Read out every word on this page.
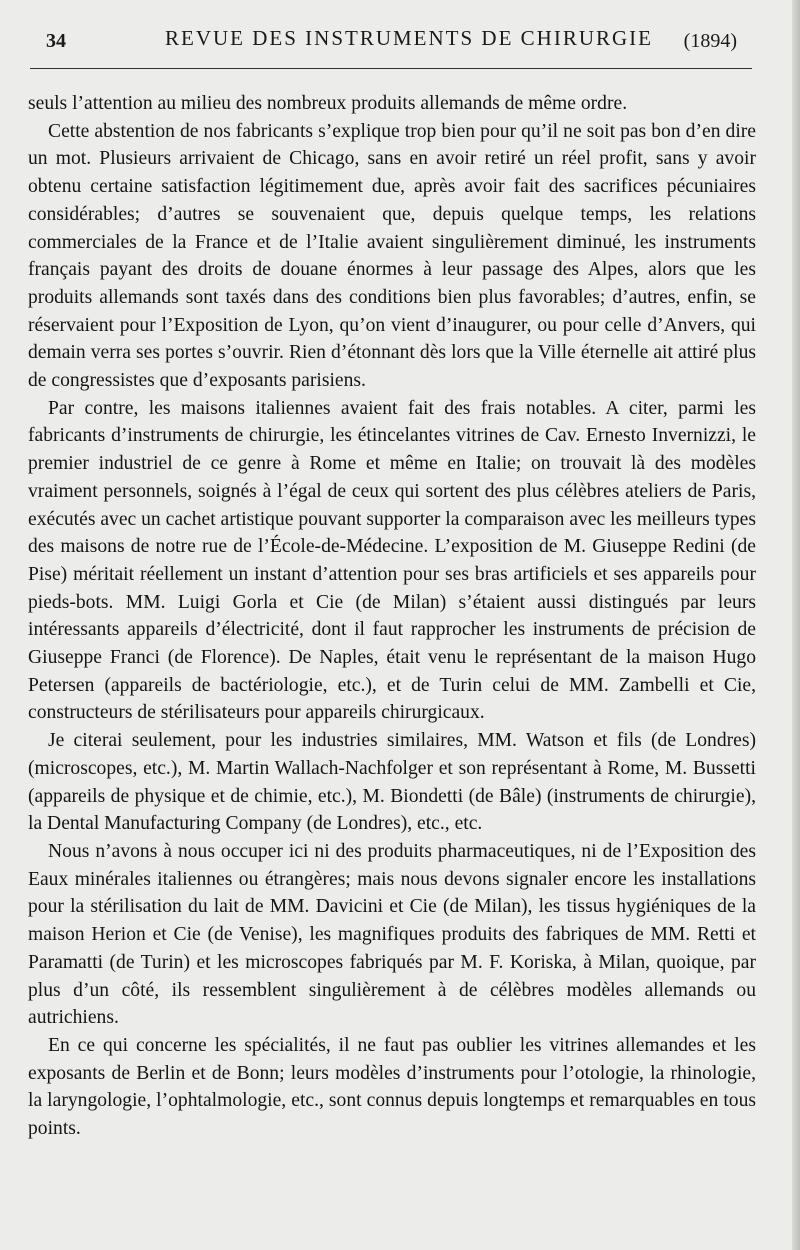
34	REVUE DES INSTRUMENTS DE CHIRURGIE (1894)

seuls l’attention au milieu des nombreux produits allemands de même ordre.

Cette abstention de nos fabricants s’explique trop bien pour qu’il ne soit pas bon d’en dire un mot. Plusieurs arrivaient de Chicago, sans en avoir retiré un réel profit, sans y avoir obtenu certaine satisfaction légitimement due, après avoir fait des sacrifices pécuniaires considérables; d’autres se souvenaient que, depuis quelque temps, les relations commerciales de la France et de l’Italie avaient singulièrement diminué, les instruments français payant des droits de douane énormes à leur passage des Alpes, alors que les produits allemands sont taxés dans des conditions bien plus favorables; d’autres, enfin, se réservaient pour l’Exposition de Lyon, qu’on vient d’inaugurer, ou pour celle d’Anvers, qui demain verra ses portes s’ouvrir. Rien d’étonnant dès lors que la Ville éternelle ait attiré plus de congressistes que d’exposants parisiens.

Par contre, les maisons italiennes avaient fait des frais notables. A citer, parmi les fabricants d’instruments de chirurgie, les étincelantes vitrines de Cav. Ernesto Invernizzi, le premier industriel de ce genre à Rome et même en Italie; on trouvait là des modèles vraiment personnels, soignés à l’égal de ceux qui sortent des plus célèbres ateliers de Paris, exécutés avec un cachet artistique pouvant supporter la comparaison avec les meilleurs types des maisons de notre rue de l’École-de-Médecine. L’exposition de M. Giuseppe Redini (de Pise) méritait réellement un instant d’attention pour ses bras artificiels et ses appareils pour pieds-bots. MM. Luigi Gorla et Cie (de Milan) s’étaient aussi distingués par leurs intéressants appareils d’électricité, dont il faut rapprocher les instruments de précision de Giuseppe Franci (de Florence). De Naples, était venu le représentant de la maison Hugo Petersen (appareils de bactériologie, etc.), et de Turin celui de MM. Zambelli et Cie, constructeurs de stérilisateurs pour appareils chirurgicaux.

Je citerai seulement, pour les industries similaires, MM. Watson et fils (de Londres) (microscopes, etc.), M. Martin Wallach-Nachfolger et son représentant à Rome, M. Bussetti (appareils de physique et de chimie, etc.), M. Biondetti (de Bâle) (instruments de chirurgie), la Dental Manufacturing Company (de Londres), etc., etc.

Nous n’avons à nous occuper ici ni des produits pharmaceutiques, ni de l’Exposition des Eaux minérales italiennes ou étrangères; mais nous devons signaler encore les installations pour la stérilisation du lait de MM. Davicini et Cie (de Milan), les tissus hygiéniques de la maison Herion et Cie (de Venise), les magnifiques produits des fabriques de MM. Retti et Paramatti (de Turin) et les microscopes fabriqués par M. F. Koriska, à Milan, quoique, par plus d’un côté, ils ressemblent singulièrement à de célèbres modèles allemands ou autrichiens.

En ce qui concerne les spécialités, il ne faut pas oublier les vitrines allemandes et les exposants de Berlin et de Bonn; leurs modèles d’instruments pour l’otologie, la rhinologie, la laryngologie, l’ophtalmologie, etc., sont connus depuis longtemps et remarquables en tous points.
